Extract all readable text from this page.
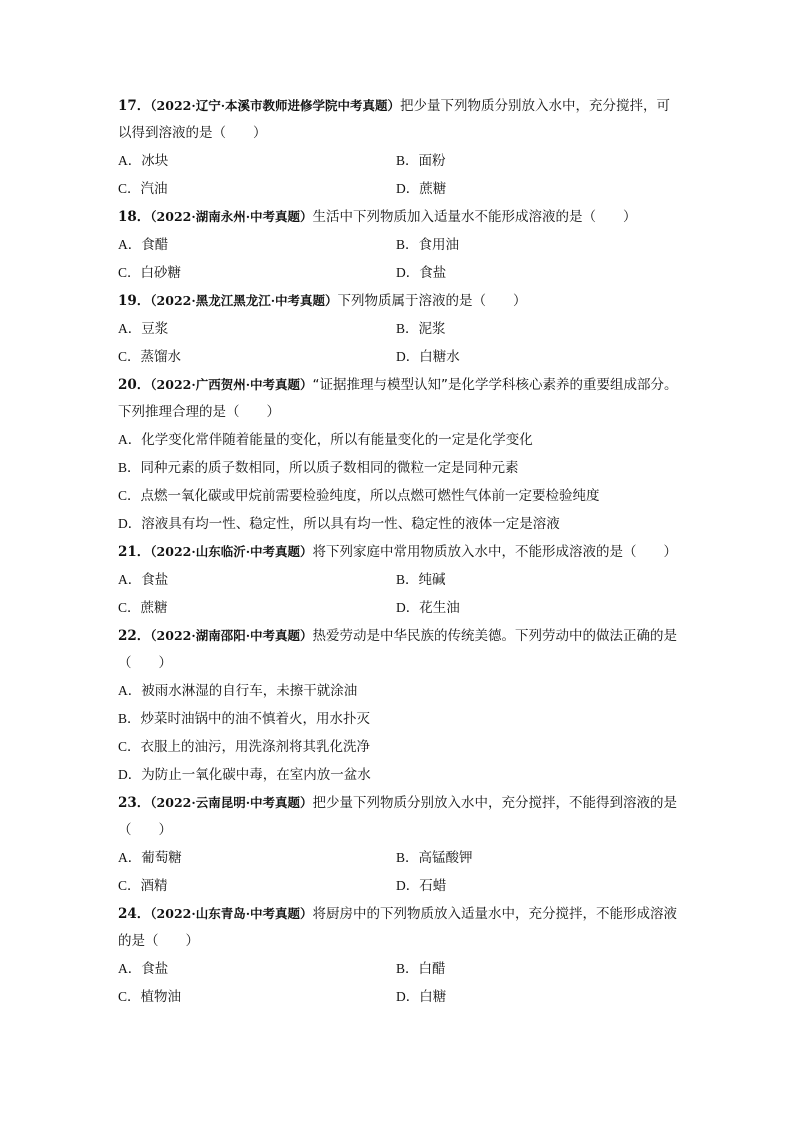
17．（2022·辽宁·本溪市教师进修学院中考真题）把少量下列物质分别放入水中，充分搅拌，可以得到溶液的是（　　）

A．冰块	B．面粉
C．汽油	D．蔗糖

18．（2022·湖南永州·中考真题）生活中下列物质加入适量水不能形成溶液的是（　　）

A．食醋	B．食用油
C．白砂糖	D．食盐

19．（2022·黑龙江黑龙江·中考真题）下列物质属于溶液的是（　　）

A．豆浆	B．泥浆
C．蒸馏水	D．白糖水

20．（2022·广西贺州·中考真题）“证据推理与模型认知”是化学学科核心素养的重要组成部分。下列推理合理的是（　　）

A．化学变化常伴随着能量的变化，所以有能量变化的一定是化学变化
B．同种元素的质子数相同，所以质子数相同的微粒一定是同种元素
C．点燃一氧化碳或甲烷前需要检验纯度，所以点燃可燃性气体前一定要检验纯度
D．溶液具有均一性、稳定性，所以具有均一性、稳定性的液体一定是溶液

21．（2022·山东临沂·中考真题）将下列家庭中常用物质放入水中，不能形成溶液的是（　　）

A．食盐	B．纯碱
C．蔗糖	D．花生油

22．（2022·湖南邵阳·中考真题）热爱劳动是中华民族的传统美德。下列劳动中的做法正确的是（　　）

A．被雨水淋湿的自行车，未擦干就涂油
B．炒菜时油锅中的油不慎着火，用水扑灭
C．衣服上的油污，用洗涤剂将其乳化洗净
D．为防止一氧化碳中毒，在室内放一盆水

23．（2022·云南昆明·中考真题）把少量下列物质分别放入水中，充分搅拌，不能得到溶液的是（　　）

A．葡萄糖	B．高锰酸钾
C．酒精	D．石蜡

24．（2022·山东青岛·中考真题）将厨房中的下列物质放入适量水中，充分搅拌，不能形成溶液的是（　　）

A．食盐	B．白醋
C．植物油	D．白糖
